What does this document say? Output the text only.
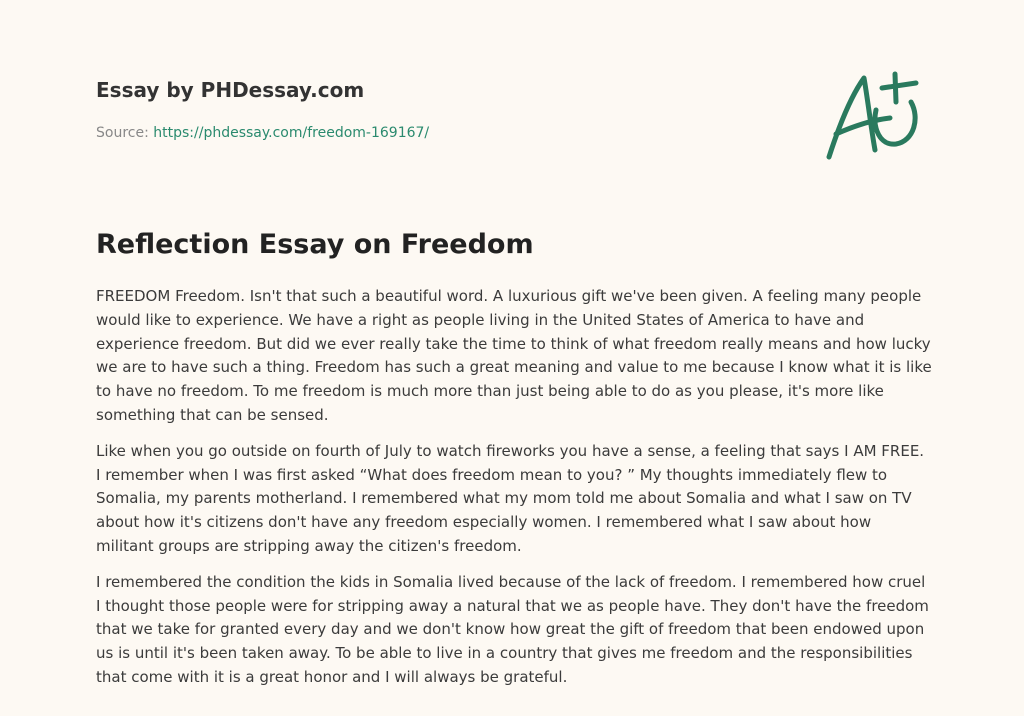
Essay by PHDessay.com

Source: https://phdessay.com/freedom-169167/

Reflection Essay on Freedom

FREEDOM Freedom. Isn't that such a beautiful word. A luxurious gift we've been given. A feeling many people would like to experience. We have a right as people living in the United States of America to have and experience freedom. But did we ever really take the time to think of what freedom really means and how lucky we are to have such a thing. Freedom has such a great meaning and value to me because I know what it is like to have no freedom. To me freedom is much more than just being able to do as you please, it's more like something that can be sensed.

Like when you go outside on fourth of July to watch fireworks you have a sense, a feeling that says I AM FREE. I remember when I was first asked “What does freedom mean to you? ” My thoughts immediately flew to Somalia, my parents motherland. I remembered what my mom told me about Somalia and what I saw on TV about how it's citizens don't have any freedom especially women. I remembered what I saw about how militant groups are stripping away the citizen's freedom.

I remembered the condition the kids in Somalia lived because of the lack of freedom. I remembered how cruel I thought those people were for stripping away a natural that we as people have. They don't have the freedom that we take for granted every day and we don't know how great the gift of freedom that been endowed upon us is until it's been taken away. To be able to live in a country that gives me freedom and the responsibilities that come with it is a great honor and I will always be grateful.
